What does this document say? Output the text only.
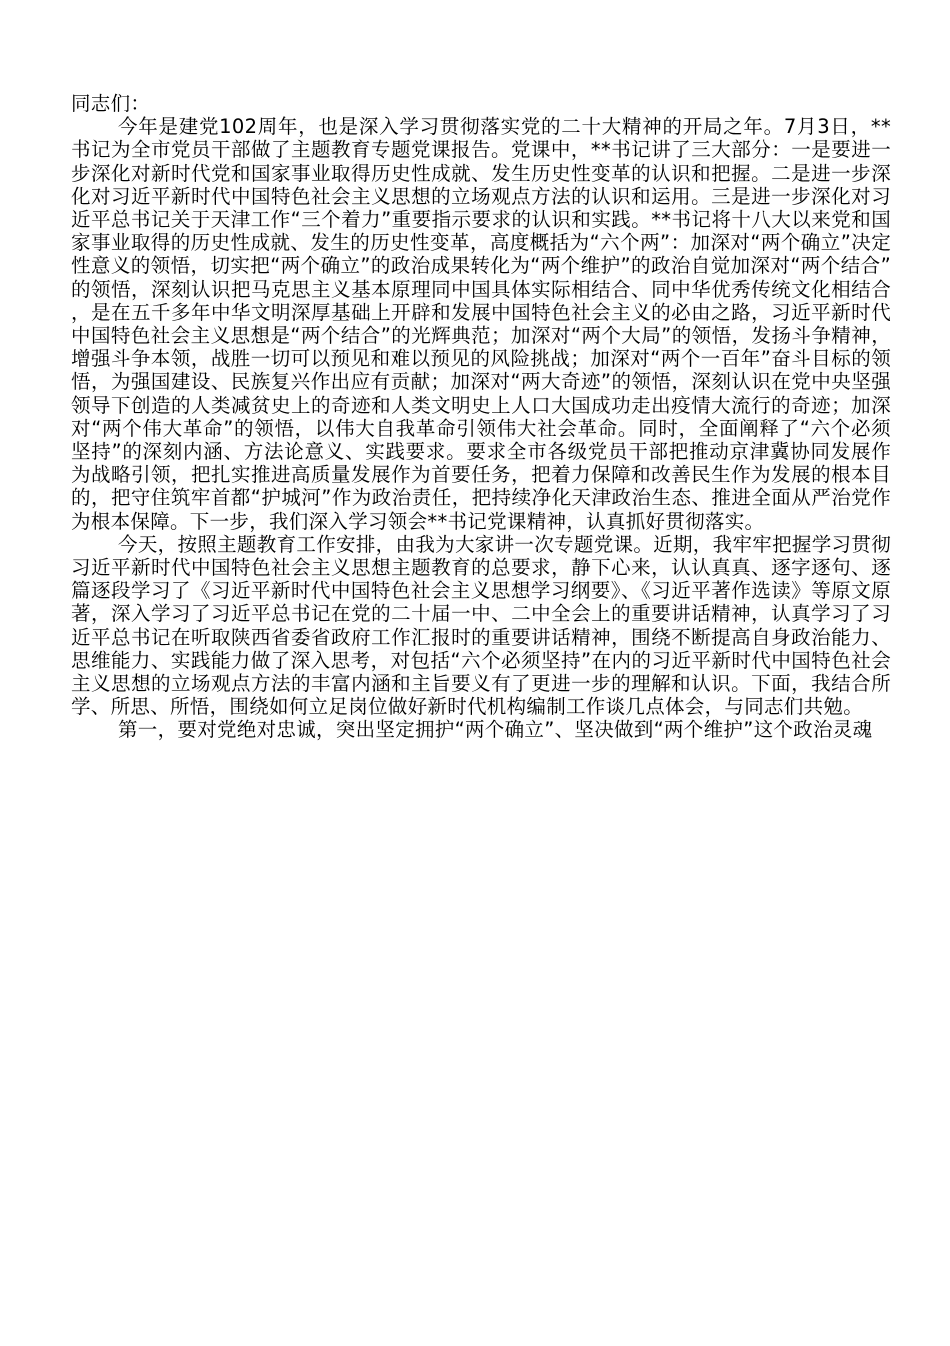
同志们：

今年是建党102周年，也是深入学习贯彻落实党的二十大精神的开局之年。7月3日，**书记为全市党员干部做了主题教育专题党课报告。党课中，**书记讲了三大部分：一是要进一步深化对新时代党和国家事业取得历史性成就、发生历史性变革的认识和把握。二是进一步深化对习近平新时代中国特色社会主义思想的立场观点方法的认识和运用。三是进一步深化对习近平总书记关于天津工作“三个着力”重要指示要求的认识和实践。**书记将十八大以来党和国家事业取得的历史性成就、发生的历史性变革，高度概括为“六个两”：加深对“两个确立”决定性意义的领悟，切实把“两个确立”的政治成果转化为“两个维护”的政治自觉加深对“两个结合”的领悟，深刻认识把马克思主义基本原理同中国具体实际相结合、同中华优秀传统文化相结合，是在五千多年中华文明深厚基础上开辟和发展中国特色社会主义的必由之路，习近平新时代中国特色社会主义思想是“两个结合”的光辉典范；加深对“两个大局”的领悟，发扬斗争精神，增强斗争本领，战胜一切可以预见和难以预见的风险挑战；加深对“两个一百年”奋斗目标的领悟，为强国建设、民族复兴作出应有贡献；加深对“两大奇迹”的领悟，深刻认识在党中央坚强领导下创造的人类减贫史上的奇迹和人类文明史上人口大国成功走出疫情大流行的奇迹；加深对“两个伟大革命”的领悟，以伟大自我革命引领伟大社会革命。同时，全面阐释了“六个必须坚持”的深刻内涵、方法论意义、实践要求。要求全市各级党员干部把推动京津冀协同发展作为战略引领，把扎实推进高质量发展作为首要任务，把着力保障和改善民生作为发展的根本目的，把守住筑牢首都“护城河”作为政治责任，把持续净化天津政治生态、推进全面从严治党作为根本保障。下一步，我们深入学习领会**书记党课精神，认真抓好贯彻落实。

今天，按照主题教育工作安排，由我为大家讲一次专题党课。近期，我牢牢把握学习贯彻习近平新时代中国特色社会主义思想主题教育的总要求，静下心来，认认真真、逐字逐句、逐篇逐段学习了《习近平新时代中国特色社会主义思想学习纲要》、《习近平著作选读》等原文原著，深入学习了习近平总书记在党的二十届一中、二中全会上的重要讲话精神，认真学习了习近平总书记在听取陕西省委省政府工作汇报时的重要讲话精神，围绕不断提高自身政治能力、思维能力、实践能力做了深入思考，对包括“六个必须坚持”在内的习近平新时代中国特色社会主义思想的立场观点方法的丰富内涵和主旨要义有了更进一步的理解和认识。下面，我结合所学、所思、所悟，围绕如何立足岗位做好新时代机构编制工作谈几点体会，与同志们共勉。

第一，要对党绝对忠诚，突出坚定拥护“两个确立”、坚决做到“两个维护”这个政治灵魂
